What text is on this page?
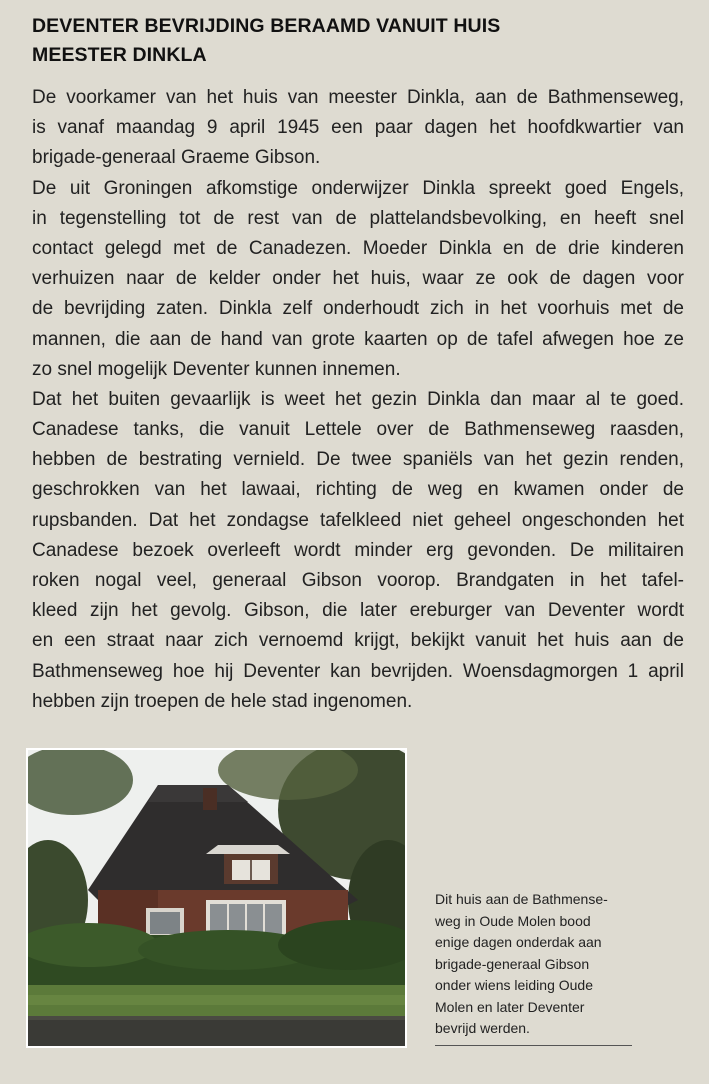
DEVENTER BEVRIJDING BERAAMD VANUIT HUIS
MEESTER DINKLA
De voorkamer van het huis van meester Dinkla, aan de Bathmenseweg,
is vanaf maandag 9 april 1945 een paar dagen het hoofdkwartier van
brigade-generaal Graeme Gibson.
De uit Groningen afkomstige onderwijzer Dinkla spreekt goed Engels,
in tegenstelling tot de rest van de plattelandsbevolking, en heeft snel
contact gelegd met de Canadezen. Moeder Dinkla en de drie kinderen
verhuizen naar de kelder onder het huis, waar ze ook de dagen voor
de bevrijding zaten. Dinkla zelf onderhoudt zich in het voorhuis met de
mannen, die aan de hand van grote kaarten op de tafel afwegen hoe ze
zo snel mogelijk Deventer kunnen innemen.
Dat het buiten gevaarlijk is weet het gezin Dinkla dan maar al te goed.
Canadese tanks, die vanuit Lettele over de Bathmenseweg raasden,
hebben de bestrating vernield. De twee spaniëls van het gezin renden,
geschrokken van het lawaai, richting de weg en kwamen onder de
rupsbanden. Dat het zondagse tafelkleed niet geheel ongeschonden het
Canadese bezoek overleeft wordt minder erg gevonden. De militairen
roken nogal veel, generaal Gibson voorop. Brandgaten in het tafel-
kleed zijn het gevolg. Gibson, die later ereburger van Deventer wordt
en een straat naar zich vernoemd krijgt, bekijkt vanuit het huis aan de
Bathmenseweg hoe hij Deventer kan bevrijden. Woensdagmorgen 1 april
hebben zijn troepen de hele stad ingenomen.
Dit huis aan de Bathmense-
weg in Oude Molen bood
enige dagen onderdak aan
brigade-generaal Gibson
onder wiens leiding Oude
Molen en later Deventer
bevrijd werden.
